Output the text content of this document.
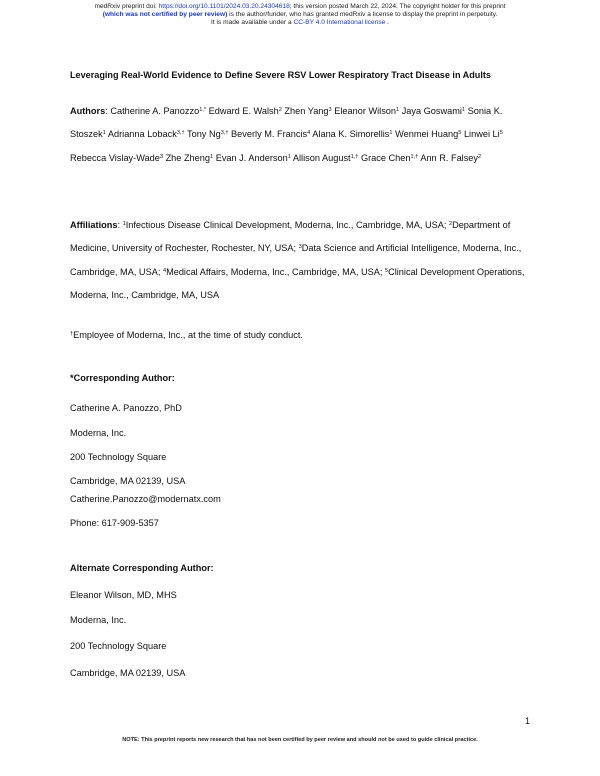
medRxiv preprint doi: https://doi.org/10.1101/2024.03.20.24304618; this version posted March 22, 2024. The copyright holder for this preprint
(which was not certified by peer review) is the author/funder, who has granted medRxiv a license to display the preprint in perpetuity.
It is made available under a CC-BY 4.0 International license .
Leveraging Real-World Evidence to Define Severe RSV Lower Respiratory Tract Disease in Adults
Authors: Catherine A. Panozzo$^{1,*}$ Edward E. Walsh$^2$ Zhen Yang$^3$ Eleanor Wilson$^1$ Jaya Goswami$^1$ Sonia K. Stoszek$^1$ Adrianna Loback$^{3,\dagger}$ Tony $Ng^{3,\dagger}$ Beverly M. Francis$^4$ Alana K. Simorellis$^1$ Wenmei Huang$^5$ Linwei Li$^5$ Rebecca Vislay-Wade$^3$ Zhe Zheng$^1$ Evan J. Anderson$^1$ Allison August$^{1,\dagger}$ Grace Chen$^{1,\dagger}$ Ann R. Falsey$^2$
Affiliations: $^1$Infectious Disease Clinical Development, Moderna, Inc., Cambridge, MA, USA; $^2$Department of Medicine, University of Rochester, Rochester, NY, USA; $^3$Data Science and Artificial Intelligence, Moderna, Inc., Cambridge, MA, USA; $^4$Medical Affairs, Moderna, Inc., Cambridge, MA, USA; $^5$Clinical Development Operations, Moderna, Inc., Cambridge, MA, USA
†Employee of Moderna, Inc., at the time of study conduct.
*Corresponding Author:
Catherine A. Panozzo, PhD
Moderna, Inc.
200 Technology Square
Cambridge, MA 02139, USA
Catherine.Panozzo@modernatx.com
Phone: 617-909-5357
Alternate Corresponding Author:
Eleanor Wilson, MD, MHS
Moderna, Inc.
200 Technology Square
Cambridge, MA 02139, USA
1
NOTE: This preprint reports new research that has not been certified by peer review and should not be used to guide clinical practice.
